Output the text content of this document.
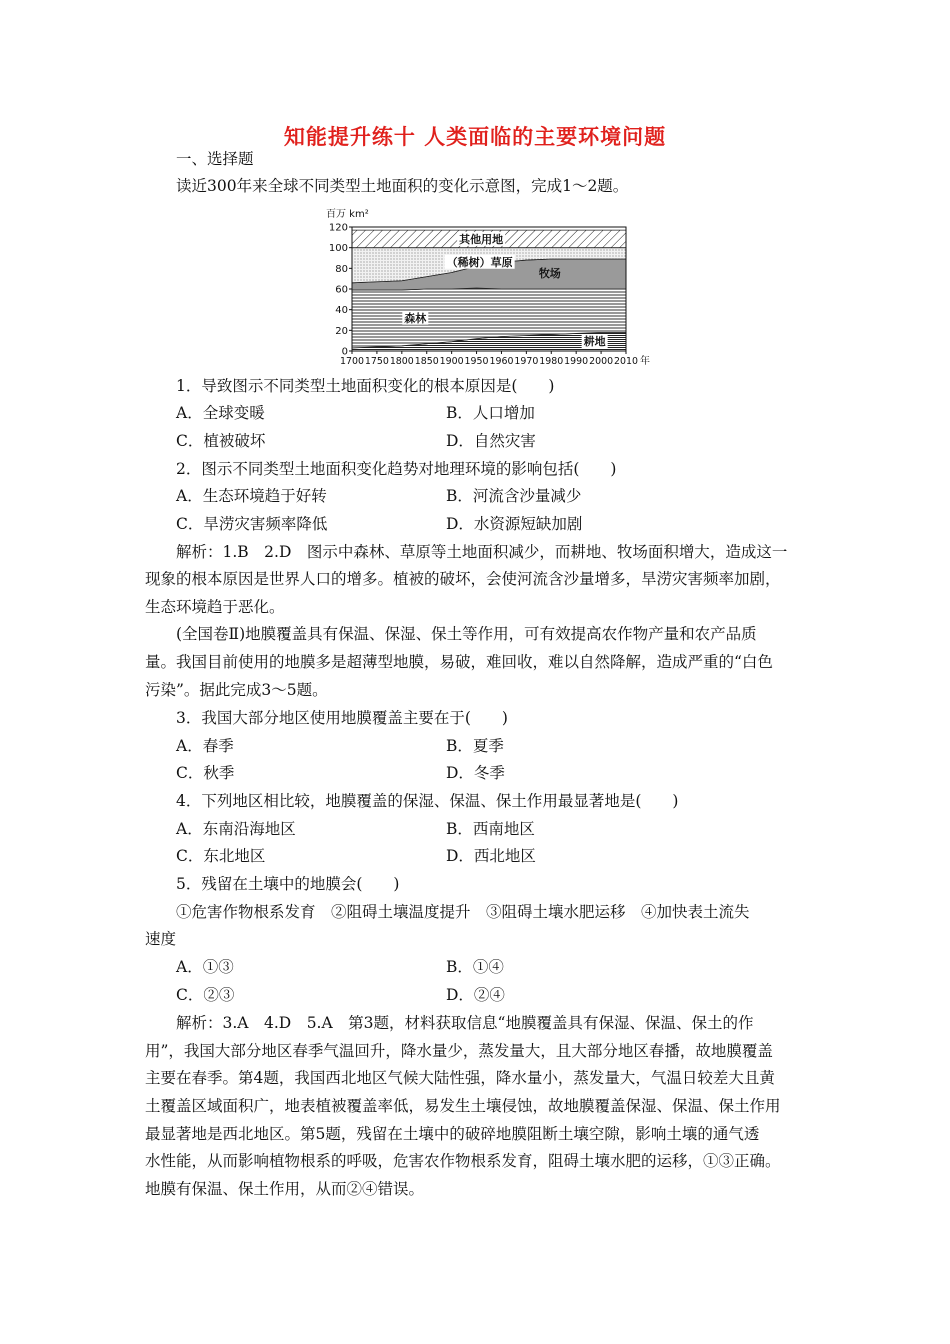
知能提升练十 人类面临的主要环境问题
一、选择题
读近300年来全球不同类型土地面积的变化示意图，完成1～2题。
0
20
40
60
80
100
120
1700 1750 1800 1850 1900 1950 1960 1970 1980 1990 2000 2010 年
百万 km²
耕地
森林
牧场
（稀树）草原
其他用地
1．导致图示不同类型土地面积变化的根本原因是(　　)
A．全球变暖	B．人口增加
C．植被破坏	D．自然灾害
2．图示不同类型土地面积变化趋势对地理环境的影响包括(　　)
A．生态环境趋于好转	B．河流含沙量减少
C．旱涝灾害频率降低	D．水资源短缺加剧
解析：1.B　2.D　图示中森林、草原等土地面积减少，而耕地、牧场面积增大，造成这一
现象的根本原因是世界人口的增多。植被的破坏，会使河流含沙量增多，旱涝灾害频率加剧，
生态环境趋于恶化。
(全国卷Ⅱ)地膜覆盖具有保温、保湿、保土等作用，可有效提高农作物产量和农产品质
量。我国目前使用的地膜多是超薄型地膜，易破，难回收，难以自然降解，造成严重的“白色
污染”。据此完成3～5题。
3．我国大部分地区使用地膜覆盖主要在于(　　)
A．春季	B．夏季
C．秋季	D．冬季
4．下列地区相比较，地膜覆盖的保湿、保温、保土作用最显著地是(　　)
A．东南沿海地区	B．西南地区
C．东北地区	D．西北地区
5．残留在土壤中的地膜会(　　)
①危害作物根系发育　②阻碍土壤温度提升　③阻碍土壤水肥运移　④加快表土流失
速度
A．①③	B．①④
C．②③	D．②④
解析：3.A　4.D　5.A　第3题，材料获取信息“地膜覆盖具有保湿、保温、保土的作
用”，我国大部分地区春季气温回升，降水量少，蒸发量大，且大部分地区春播，故地膜覆盖
主要在春季。第4题，我国西北地区气候大陆性强，降水量小，蒸发量大，气温日较差大且黄
土覆盖区域面积广，地表植被覆盖率低，易发生土壤侵蚀，故地膜覆盖保湿、保温、保土作用
最显著地是西北地区。第5题，残留在土壤中的破碎地膜阻断土壤空隙，影响土壤的通气透
水性能，从而影响植物根系的呼吸，危害农作物根系发育，阻碍土壤水肥的运移，①③正确。
地膜有保温、保土作用，从而②④错误。
